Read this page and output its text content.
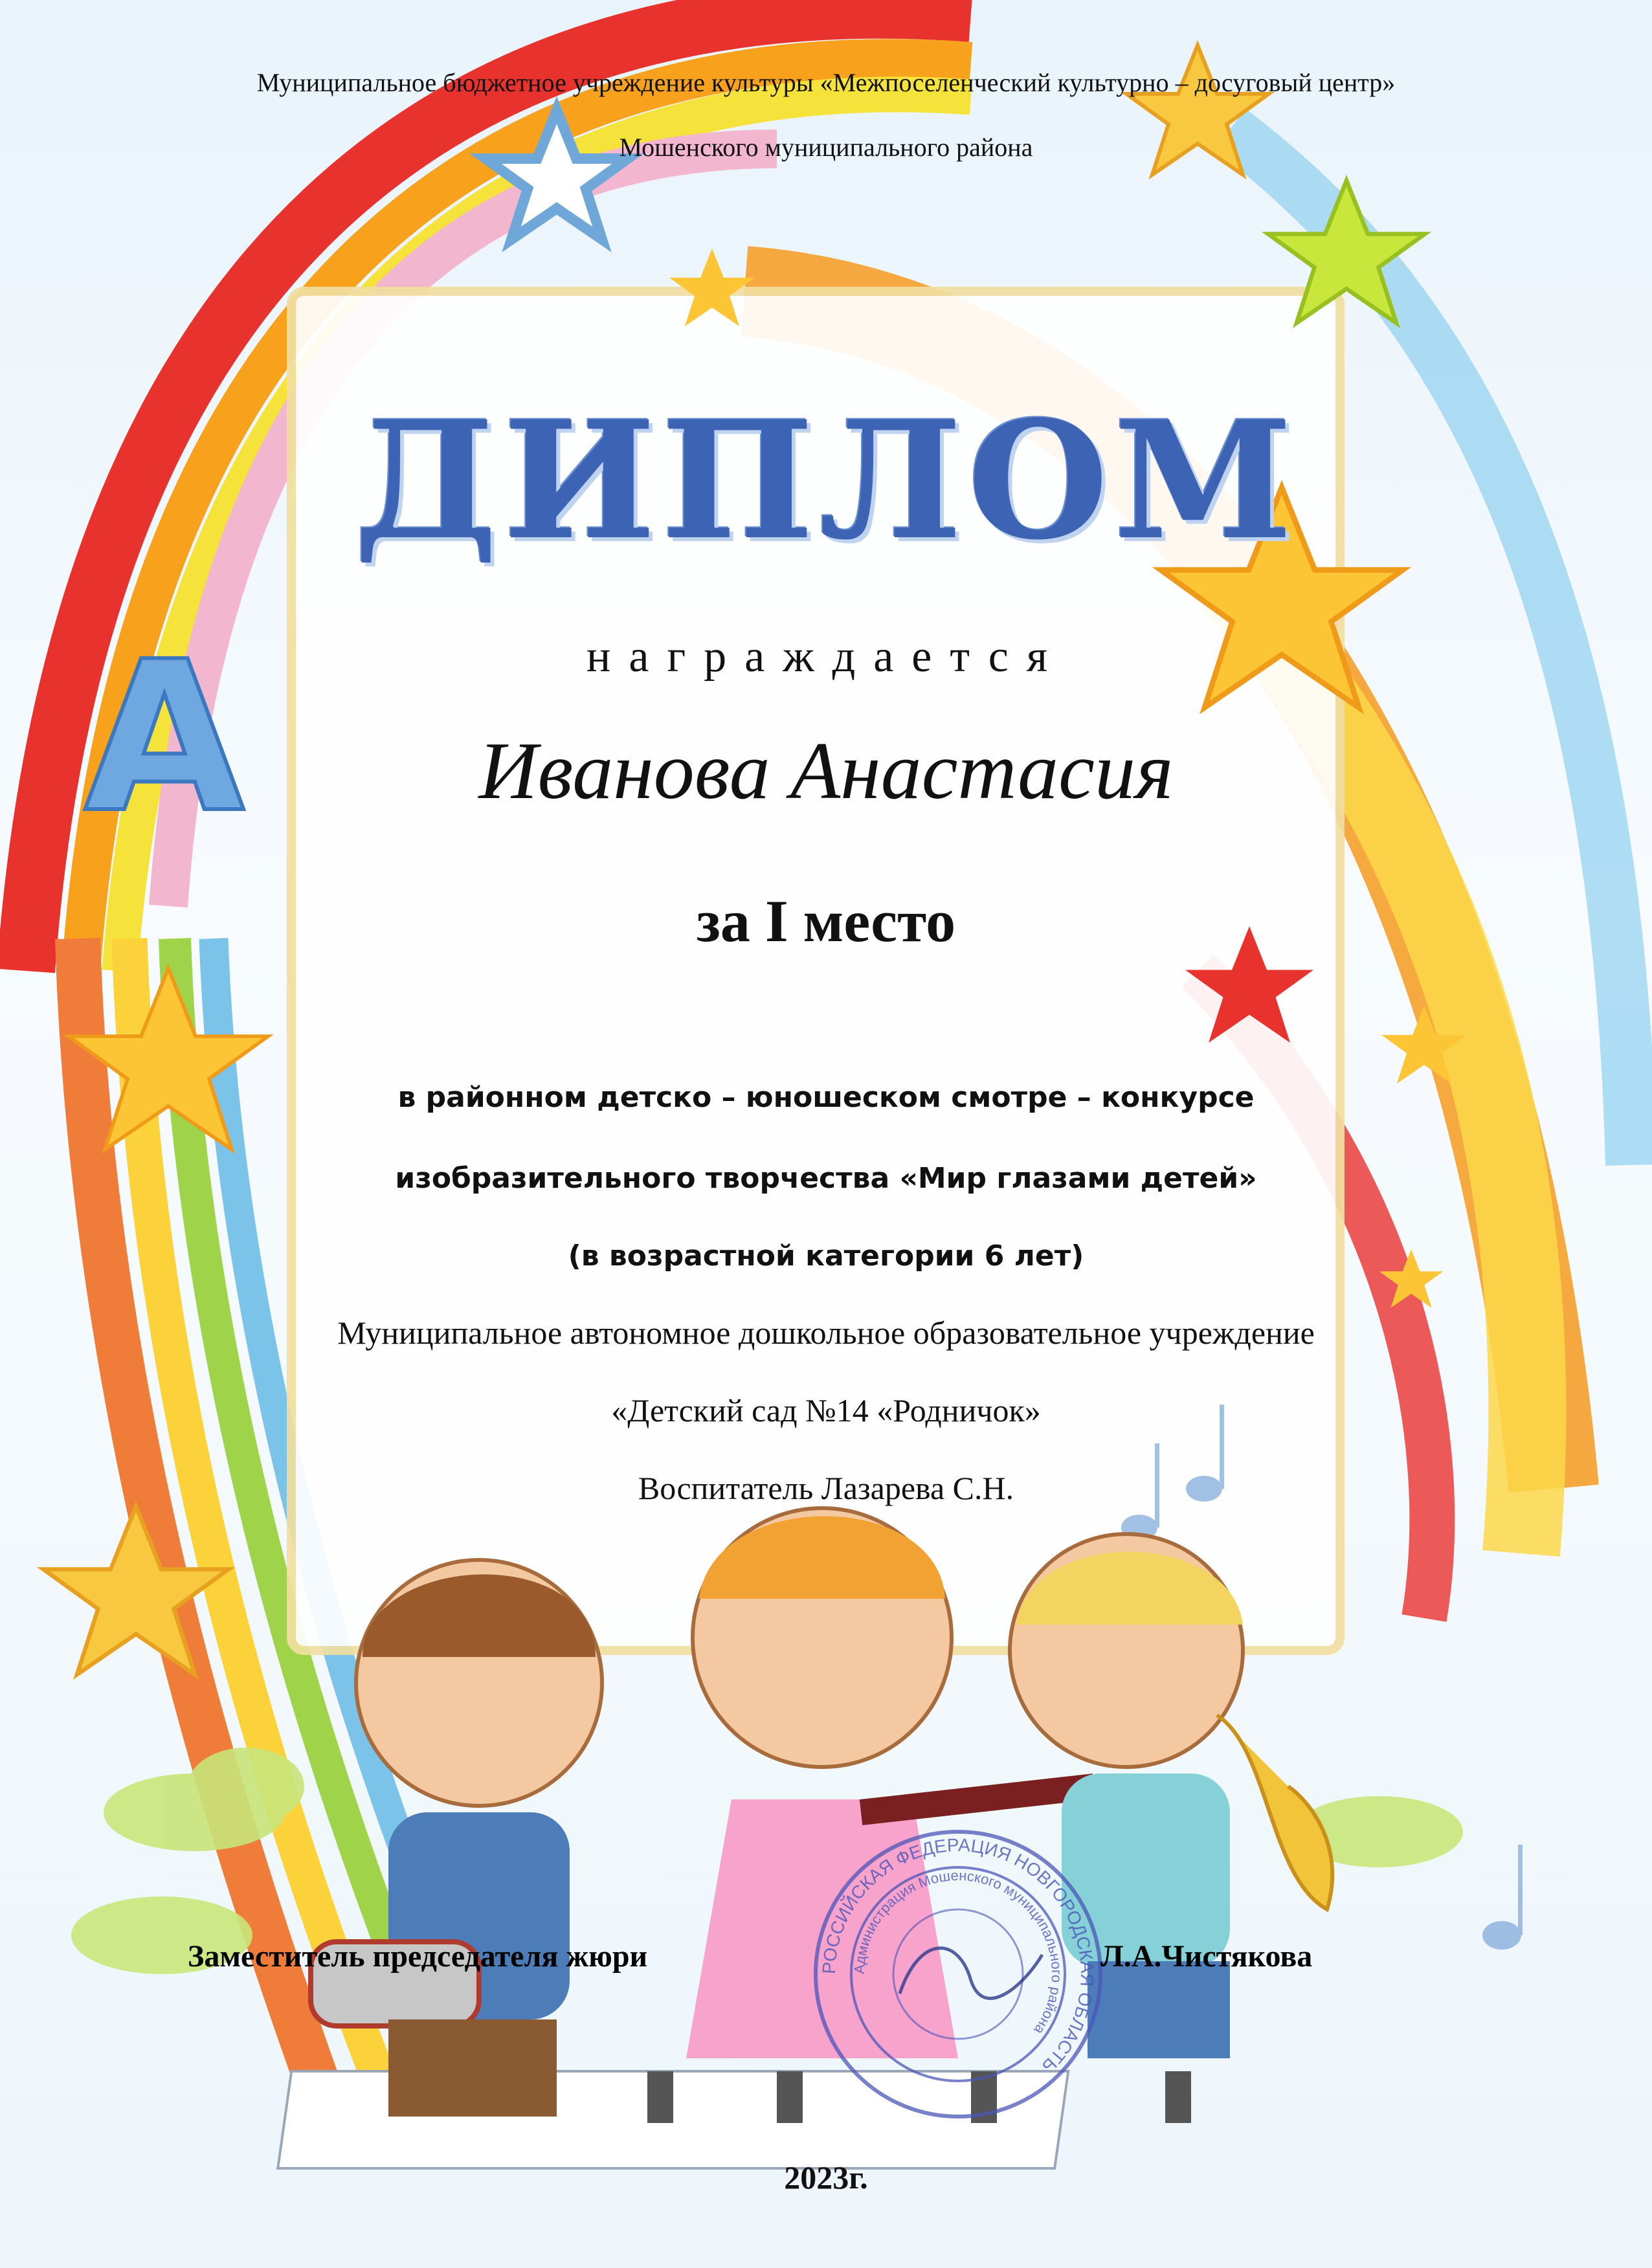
A
Муниципальное бюджетное учреждение культуры «Межпоселенческий культурно – досуговый центр»
Мошенского муниципального района
ДИПЛОМ
награждается
Иванова Анастасия
за I место
в районном детско – юношеском смотре – конкурсе
изобразительного творчества «Мир глазами детей»
(в возрастной категории 6 лет)
Муниципальное автономное дошкольное образовательное учреждение
«Детский сад №14 «Родничок»
Воспитатель Лазарева С.Н.
РОССИЙСКАЯ ФЕДЕРАЦИЯ НОВГОРОДСКАЯ ОБЛАСТЬ
Администрация Мошенского муниципального района
Заместитель председателя жюри	Л.А.Чистякова
2023г.
